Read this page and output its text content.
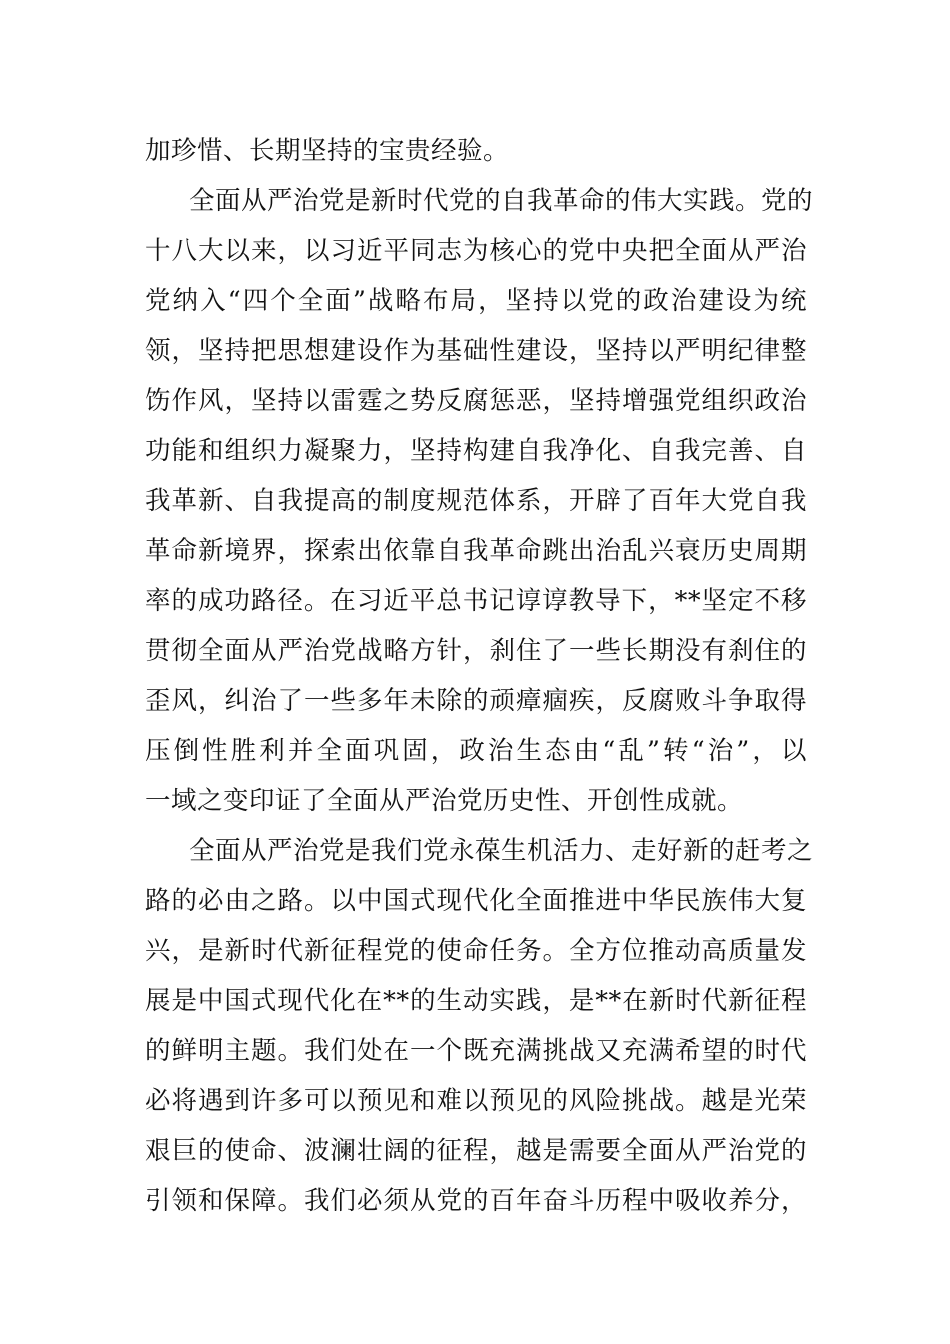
加珍惜、长期坚持的宝贵经验。
全面从严治党是新时代党的自我革命的伟大实践。党的
十八大以来，以习近平同志为核心的党中央把全面从严治
党纳入“四个全面”战略布局，坚持以党的政治建设为统
领，坚持把思想建设作为基础性建设，坚持以严明纪律整
饬作风，坚持以雷霆之势反腐惩恶，坚持增强党组织政治
功能和组织力凝聚力，坚持构建自我净化、自我完善、自
我革新、自我提高的制度规范体系，开辟了百年大党自我
革命新境界，探索出依靠自我革命跳出治乱兴衰历史周期
率的成功路径。在习近平总书记谆谆教导下，**坚定不移
贯彻全面从严治党战略方针，刹住了一些长期没有刹住的
歪风，纠治了一些多年未除的顽瘴痼疾，反腐败斗争取得
压倒性胜利并全面巩固，政治生态由“乱”转“治”，以
一域之变印证了全面从严治党历史性、开创性成就。
全面从严治党是我们党永葆生机活力、走好新的赶考之
路的必由之路。以中国式现代化全面推进中华民族伟大复
兴，是新时代新征程党的使命任务。全方位推动高质量发
展是中国式现代化在**的生动实践，是**在新时代新征程
的鲜明主题。我们处在一个既充满挑战又充满希望的时代
必将遇到许多可以预见和难以预见的风险挑战。越是光荣
艰巨的使命、波澜壮阔的征程，越是需要全面从严治党的
引领和保障。我们必须从党的百年奋斗历程中吸收养分，
